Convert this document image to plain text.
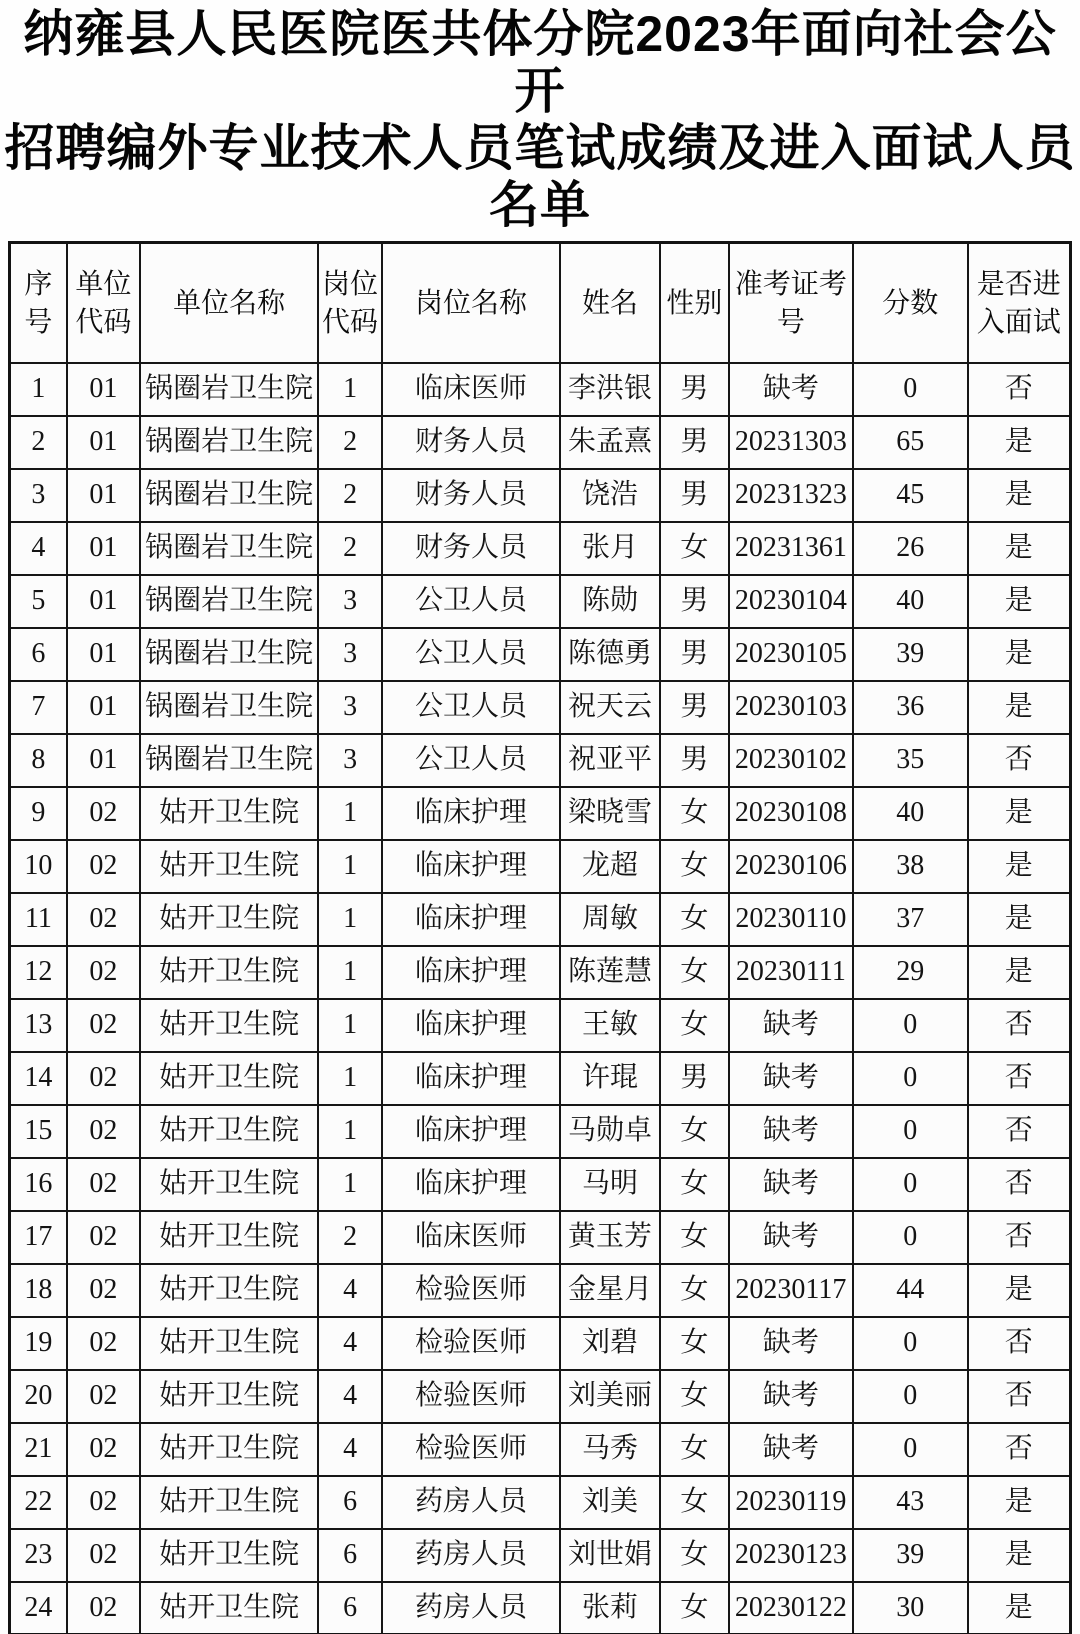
纳雍县人民医院医共体分院2023年面向社会公开
招聘编外专业技术人员笔试成绩及进入面试人员
名单
序号	单位代码	单位名称	岗位代码	岗位名称	姓名	性别	准考证考号	分数	是否进入面试
1	01	锅圈岩卫生院	1	临床医师	李洪银	男	缺考	0	否
2	01	锅圈岩卫生院	2	财务人员	朱孟熹	男	20231303	65	是
3	01	锅圈岩卫生院	2	财务人员	饶浩	男	20231323	45	是
4	01	锅圈岩卫生院	2	财务人员	张月	女	20231361	26	是
5	01	锅圈岩卫生院	3	公卫人员	陈勋	男	20230104	40	是
6	01	锅圈岩卫生院	3	公卫人员	陈德勇	男	20230105	39	是
7	01	锅圈岩卫生院	3	公卫人员	祝天云	男	20230103	36	是
8	01	锅圈岩卫生院	3	公卫人员	祝亚平	男	20230102	35	否
9	02	姑开卫生院	1	临床护理	梁晓雪	女	20230108	40	是
10	02	姑开卫生院	1	临床护理	龙超	女	20230106	38	是
11	02	姑开卫生院	1	临床护理	周敏	女	20230110	37	是
12	02	姑开卫生院	1	临床护理	陈莲慧	女	20230111	29	是
13	02	姑开卫生院	1	临床护理	王敏	女	缺考	0	否
14	02	姑开卫生院	1	临床护理	许琨	男	缺考	0	否
15	02	姑开卫生院	1	临床护理	马勋卓	女	缺考	0	否
16	02	姑开卫生院	1	临床护理	马明	女	缺考	0	否
17	02	姑开卫生院	2	临床医师	黄玉芳	女	缺考	0	否
18	02	姑开卫生院	4	检验医师	金星月	女	20230117	44	是
19	02	姑开卫生院	4	检验医师	刘碧	女	缺考	0	否
20	02	姑开卫生院	4	检验医师	刘美丽	女	缺考	0	否
21	02	姑开卫生院	4	检验医师	马秀	女	缺考	0	否
22	02	姑开卫生院	6	药房人员	刘美	女	20230119	43	是
23	02	姑开卫生院	6	药房人员	刘世娟	女	20230123	39	是
24	02	姑开卫生院	6	药房人员	张莉	女	20230122	30	是
